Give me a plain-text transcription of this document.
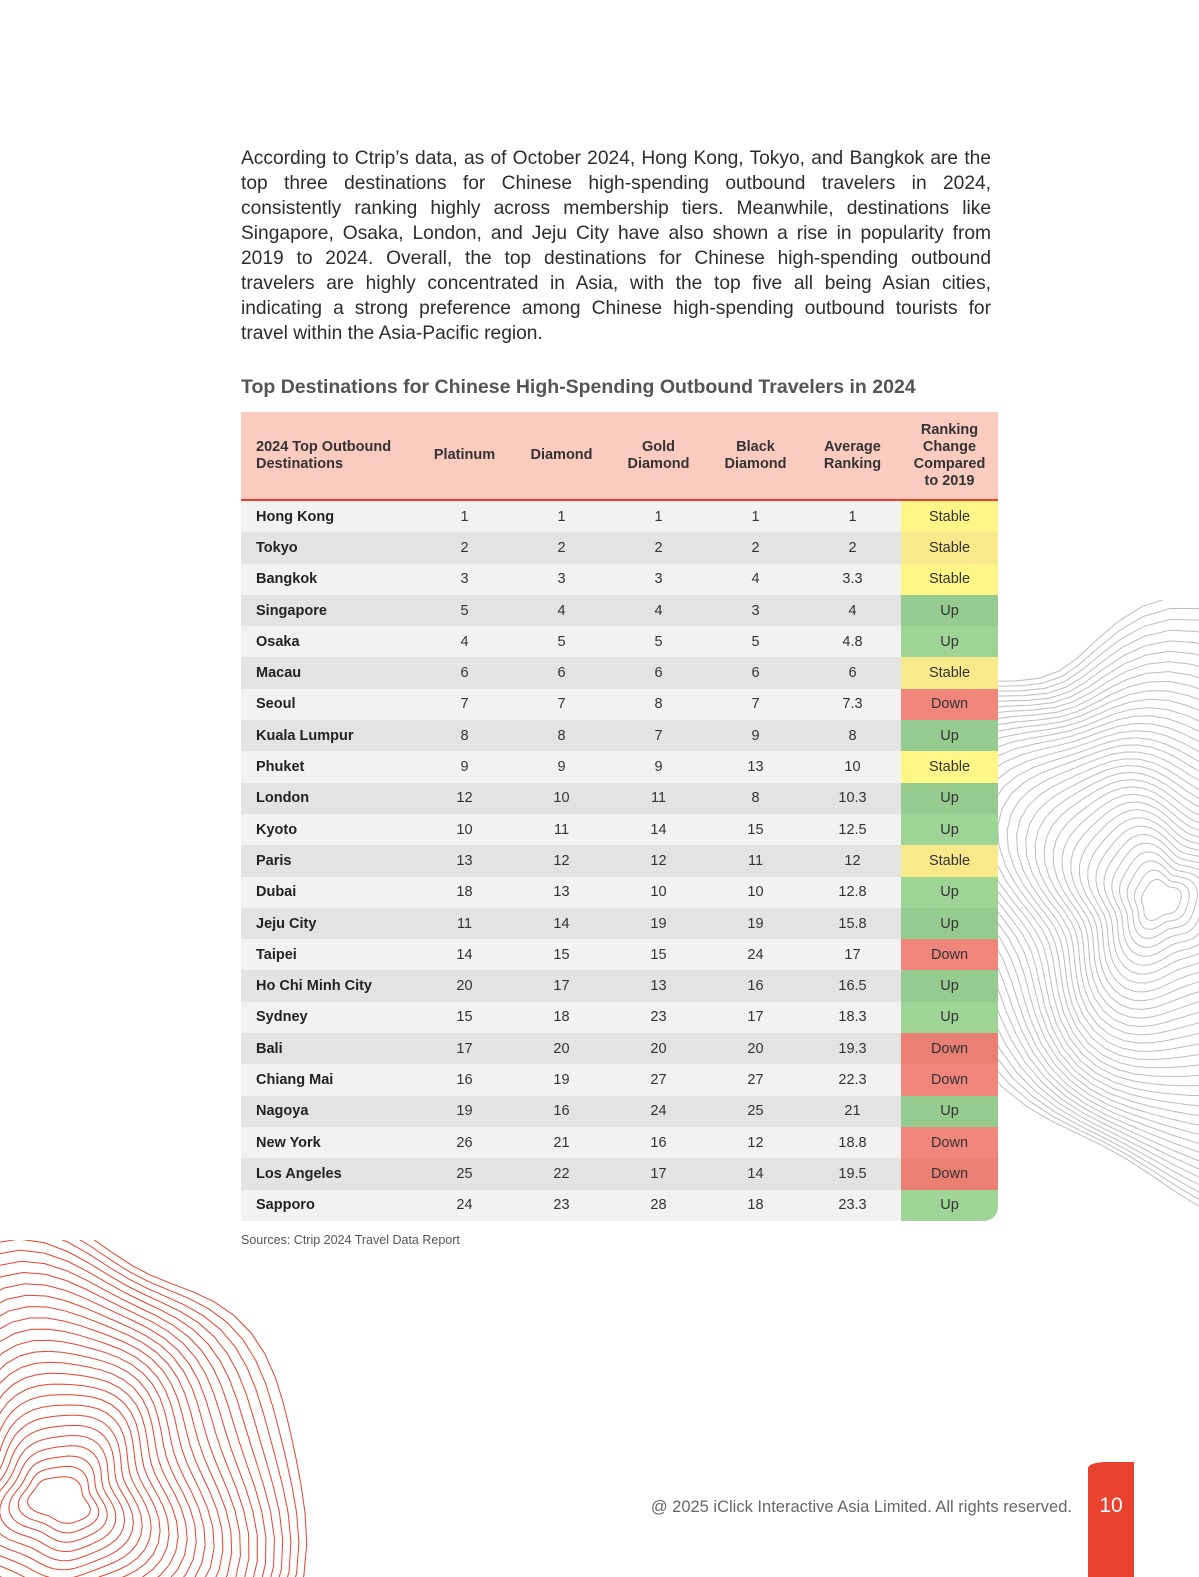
According to Ctrip’s data, as of October 2024, Hong Kong, Tokyo, and Bangkok are the top three destinations for Chinese high-spending outbound travelers in 2024, consistently ranking highly across membership tiers. Meanwhile, destinations like Singapore, Osaka, London, and Jeju City have also shown a rise in popularity from 2019 to 2024. Overall, the top destinations for Chinese high-spending outbound travelers are highly concentrated in Asia, with the top five all being Asian cities, indicating a strong preference among Chinese high-spending outbound tourists for travel within the Asia-Pacific region.

Top Destinations for Chinese High-Spending Outbound Travelers in 2024
2024 Top Outbound Destinations	Platinum	Diamond	Gold Diamond	Black Diamond	Average Ranking	Ranking Change Compared to 2019
Hong Kong	1	1	1	1	1	Stable
Tokyo	2	2	2	2	2	Stable
Bangkok	3	3	3	4	3.3	Stable
Singapore	5	4	4	3	4	Up
Osaka	4	5	5	5	4.8	Up
Macau	6	6	6	6	6	Stable
Seoul	7	7	8	7	7.3	Down
Kuala Lumpur	8	8	7	9	8	Up
Phuket	9	9	9	13	10	Stable
London	12	10	11	8	10.3	Up
Kyoto	10	11	14	15	12.5	Up
Paris	13	12	12	11	12	Stable
Dubai	18	13	10	10	12.8	Up
Jeju City	11	14	19	19	15.8	Up
Taipei	14	15	15	24	17	Down
Ho Chi Minh City	20	17	13	16	16.5	Up
Sydney	15	18	23	17	18.3	Up
Bali	17	20	20	20	19.3	Down
Chiang Mai	16	19	27	27	22.3	Down
Nagoya	19	16	24	25	21	Up
New York	26	21	16	12	18.8	Down
Los Angeles	25	22	17	14	19.5	Down
Sapporo	24	23	28	18	23.3	Up

Sources: Ctrip 2024 Travel Data Report

@ 2025 iClick Interactive Asia Limited. All rights reserved.	10
